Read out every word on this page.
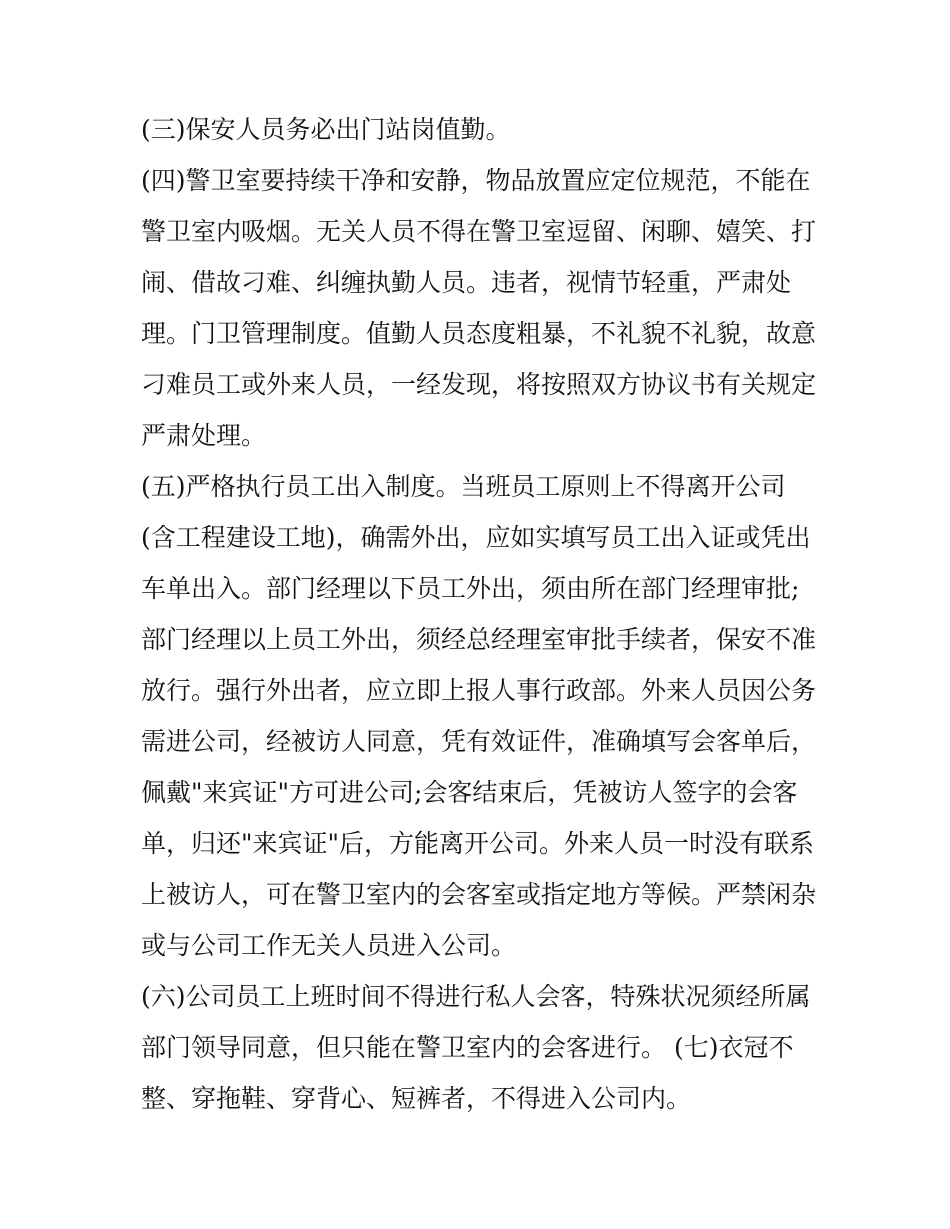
(三)保安人员务必出门站岗值勤。
(四)警卫室要持续干净和安静，物品放置应定位规范，不能在
警卫室内吸烟。无关人员不得在警卫室逗留、闲聊、嬉笑、打
闹、借故刁难、纠缠执勤人员。违者，视情节轻重，严肃处
理。门卫管理制度。值勤人员态度粗暴，不礼貌不礼貌，故意
刁难员工或外来人员，一经发现，将按照双方协议书有关规定
严肃处理。
(五)严格执行员工出入制度。当班员工原则上不得离开公司
(含工程建设工地)，确需外出，应如实填写员工出入证或凭出
车单出入。部门经理以下员工外出，须由所在部门经理审批;
部门经理以上员工外出，须经总经理室审批手续者，保安不准
放行。强行外出者，应立即上报人事行政部。外来人员因公务
需进公司，经被访人同意，凭有效证件，准确填写会客单后，
佩戴"来宾证"方可进公司;会客结束后，凭被访人签字的会客
单，归还"来宾证"后，方能离开公司。外来人员一时没有联系
上被访人，可在警卫室内的会客室或指定地方等候。严禁闲杂
或与公司工作无关人员进入公司。
(六)公司员工上班时间不得进行私人会客，特殊状况须经所属
部门领导同意，但只能在警卫室内的会客进行。 (七)衣冠不
整、穿拖鞋、穿背心、短裤者，不得进入公司内。
